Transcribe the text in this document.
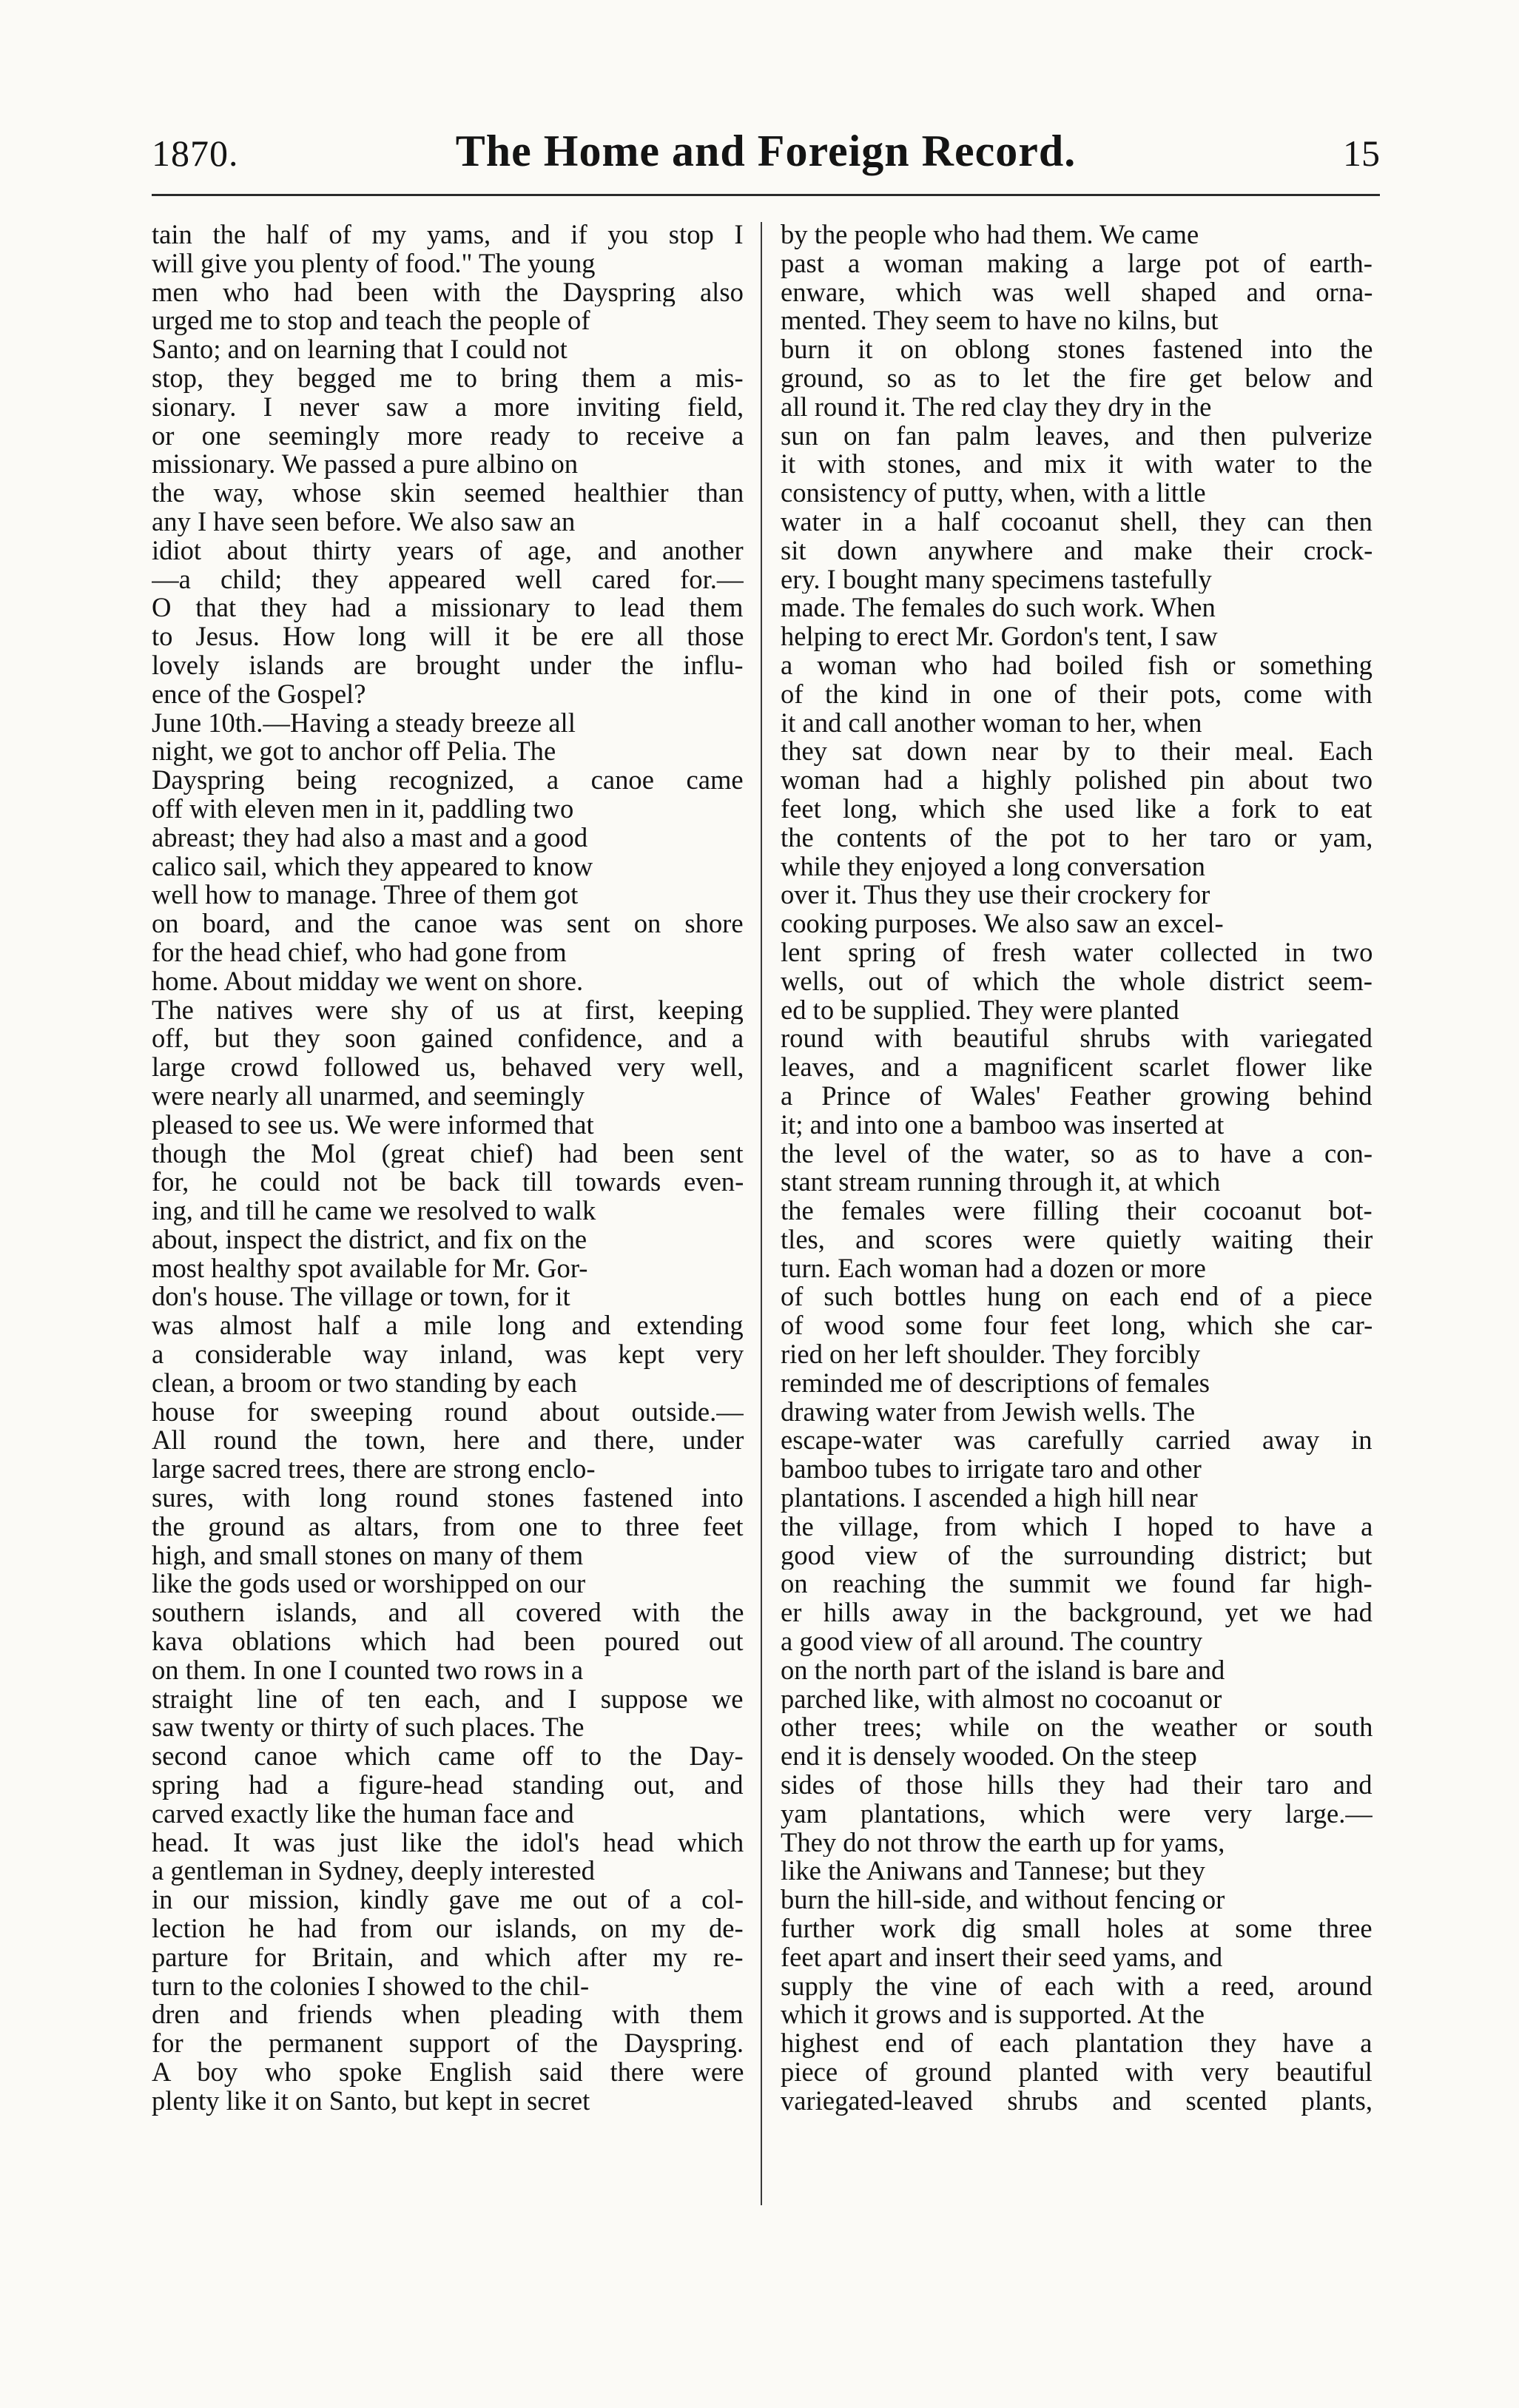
1870.	The Home and Foreign Record.	15
tain the half of my yams, and if you stop I
will give you plenty of food." The young
men who had been with the Dayspring also
urged me to stop and teach the people of
Santo; and on learning that I could not
stop, they begged me to bring them a mis-
sionary. I never saw a more inviting field,
or one seemingly more ready to receive a
missionary. We passed a pure albino on
the way, whose skin seemed healthier than
any I have seen before. We also saw an
idiot about thirty years of age, and another
—a child; they appeared well cared for.—
O that they had a missionary to lead them
to Jesus. How long will it be ere all those
lovely islands are brought under the influ-
ence of the Gospel?
June 10th.—Having a steady breeze all
night, we got to anchor off Pelia. The
Dayspring being recognized, a canoe came
off with eleven men in it, paddling two
abreast; they had also a mast and a good
calico sail, which they appeared to know
well how to manage. Three of them got
on board, and the canoe was sent on shore
for the head chief, who had gone from
home. About midday we went on shore.
The natives were shy of us at first, keeping
off, but they soon gained confidence, and a
large crowd followed us, behaved very well,
were nearly all unarmed, and seemingly
pleased to see us. We were informed that
though the Mol (great chief) had been sent
for, he could not be back till towards even-
ing, and till he came we resolved to walk
about, inspect the district, and fix on the
most healthy spot available for Mr. Gor-
don's house. The village or town, for it
was almost half a mile long and extending
a considerable way inland, was kept very
clean, a broom or two standing by each
house for sweeping round about outside.—
All round the town, here and there, under
large sacred trees, there are strong enclo-
sures, with long round stones fastened into
the ground as altars, from one to three feet
high, and small stones on many of them
like the gods used or worshipped on our
southern islands, and all covered with the
kava oblations which had been poured out
on them. In one I counted two rows in a
straight line of ten each, and I suppose we
saw twenty or thirty of such places. The
second canoe which came off to the Day-
spring had a figure-head standing out, and
carved exactly like the human face and
head. It was just like the idol's head which
a gentleman in Sydney, deeply interested
in our mission, kindly gave me out of a col-
lection he had from our islands, on my de-
parture for Britain, and which after my re-
turn to the colonies I showed to the chil-
dren and friends when pleading with them
for the permanent support of the Dayspring.
A boy who spoke English said there were
plenty like it on Santo, but kept in secret
by the people who had them. We came
past a woman making a large pot of earth-
enware, which was well shaped and orna-
mented. They seem to have no kilns, but
burn it on oblong stones fastened into the
ground, so as to let the fire get below and
all round it. The red clay they dry in the
sun on fan palm leaves, and then pulverize
it with stones, and mix it with water to the
consistency of putty, when, with a little
water in a half cocoanut shell, they can then
sit down anywhere and make their crock-
ery. I bought many specimens tastefully
made. The females do such work. When
helping to erect Mr. Gordon's tent, I saw
a woman who had boiled fish or something
of the kind in one of their pots, come with
it and call another woman to her, when
they sat down near by to their meal. Each
woman had a highly polished pin about two
feet long, which she used like a fork to eat
the contents of the pot to her taro or yam,
while they enjoyed a long conversation
over it. Thus they use their crockery for
cooking purposes. We also saw an excel-
lent spring of fresh water collected in two
wells, out of which the whole district seem-
ed to be supplied. They were planted
round with beautiful shrubs with variegated
leaves, and a magnificent scarlet flower like
a Prince of Wales' Feather growing behind
it; and into one a bamboo was inserted at
the level of the water, so as to have a con-
stant stream running through it, at which
the females were filling their cocoanut bot-
tles, and scores were quietly waiting their
turn. Each woman had a dozen or more
of such bottles hung on each end of a piece
of wood some four feet long, which she car-
ried on her left shoulder. They forcibly
reminded me of descriptions of females
drawing water from Jewish wells. The
escape-water was carefully carried away in
bamboo tubes to irrigate taro and other
plantations. I ascended a high hill near
the village, from which I hoped to have a
good view of the surrounding district; but
on reaching the summit we found far high-
er hills away in the background, yet we had
a good view of all around. The country
on the north part of the island is bare and
parched like, with almost no cocoanut or
other trees; while on the weather or south
end it is densely wooded. On the steep
sides of those hills they had their taro and
yam plantations, which were very large.—
They do not throw the earth up for yams,
like the Aniwans and Tannese; but they
burn the hill-side, and without fencing or
further work dig small holes at some three
feet apart and insert their seed yams, and
supply the vine of each with a reed, around
which it grows and is supported. At the
highest end of each plantation they have a
piece of ground planted with very beautiful
variegated-leaved shrubs and scented plants,
